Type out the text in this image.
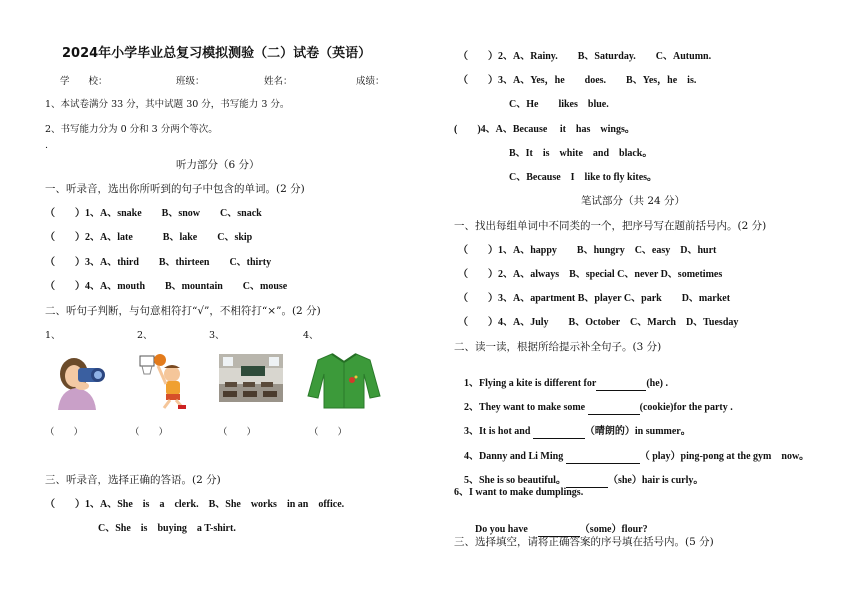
2024年小学毕业总复习模拟测验（二）试卷（英语）
学　　校：	班级：	姓名：	成绩：
1、本试卷满分 33 分，其中试题 30 分，书写能力 3 分。
2、书写能力分为 0 分和 3 分两个等次。
.
听力部分（6 分）
一、听录音，选出你所听到的句子中包含的单词。(2 分)
（　　）1、A、snake　　B、snow　　C、snack
（　　）2、A、late　　　B、lake　　C、skip
（　　）3、A、third　　B、thirteen　　C、thirty
（　　）4、A、mouth　　B、mountain　　C、mouse
二、听句子判断，与句意相符打“√”，不相符打“×”。(2 分)
1、	2、	3、	4、
（　　）	（　　）	（　　）	（　　）
三、听录音，选择正确的答语。(2 分)
（　　）1、A、She　is　a　clerk.　B、She　works　in an　office.
C、She　is　buying　a T-shirt.
（　　）2、A、Rainy.　　B、Saturday.　　C、Autumn.
（　　）3、A、Yes，he　　does.　　B、Yes，he　is.
C、He　　likes　blue.
(　　)4、A、Because　 it　has　wings。
B、It　is　white　and　black。
C、Because　I　like to fly kites。
笔试部分（共 24 分）
一、找出每组单词中不同类的一个，把序号写在题前括号内。(2 分)
（　　）1、A、happy　　B、hungry　C、easy　D、hurt
（　　）2、A、always　B、special C、never D、sometimes
（　　）3、A、apartment B、player C、park　　D、market
（　　）4、A、July　　B、October　C、March　D、Tuesday
二、读一读，根据所给提示补全句子。(3 分)

1、Flying a kite is different for	(he) .

2、They want to make some	(cookie)for the party .

3、It is hot and	（晴朗的）in summer。

4、Danny and Li Ming	（ play）ping-pong at the gym　now。

5、She is so beautiful。	（she）hair is curly。

6、I want to make dumplings.

Do you have　	（some）flour?

三、选择填空，请将正确答案的序号填在括号内。(5 分)
